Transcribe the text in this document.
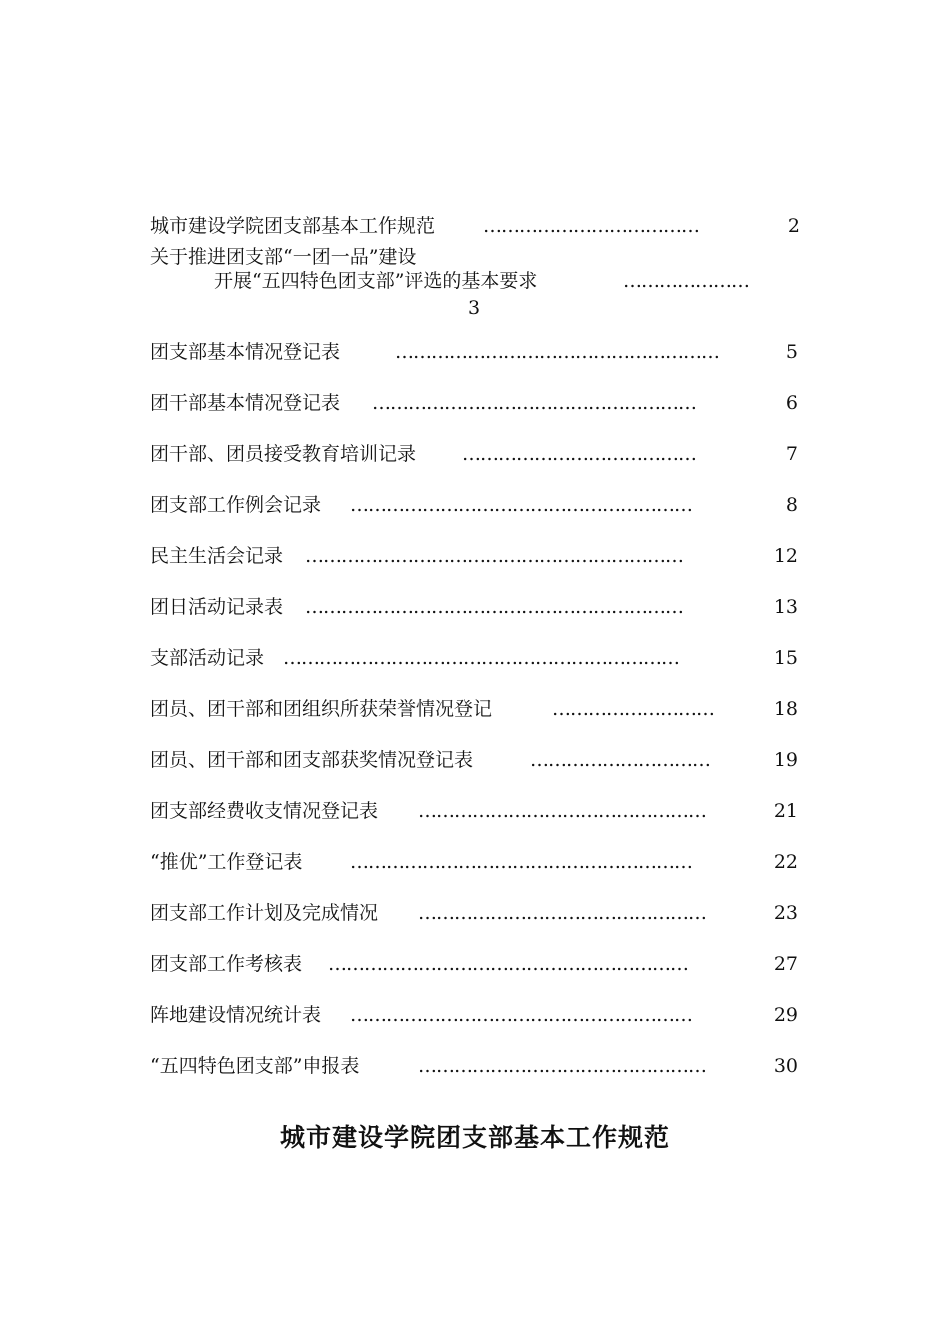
城市建设学院团支部基本工作规范	………………………………	2
关于推进团支部“一团一品”建设
开展“五四特色团支部”评选的基本要求	…………………
3
团支部基本情况登记表	………………………………………………	5
团干部基本情况登记表 ………………………………………………	6
团干部、团员接受教育培训记录 …………………………………	7
团支部工作例会记录 …………………………………………………	8
民主生活会记录 ………………………………………………………	12
团日活动记录表 ………………………………………………………	13
支部活动记录 …………………………………………………………	15
团员、团干部和团组织所获荣誉情况登记	………………………	18
团员、团干部和团支部获奖情况登记表	…………………………	19
团支部经费收支情况登记表 …………………………………………	21
“推优”工作登记表	…………………………………………………	22
团支部工作计划及完成情况 …………………………………………	23
团支部工作考核表 ……………………………………………………	27
阵地建设情况统计表 …………………………………………………	29
“五四特色团支部”申报表	…………………………………………	30
城市建设学院团支部基本工作规范
